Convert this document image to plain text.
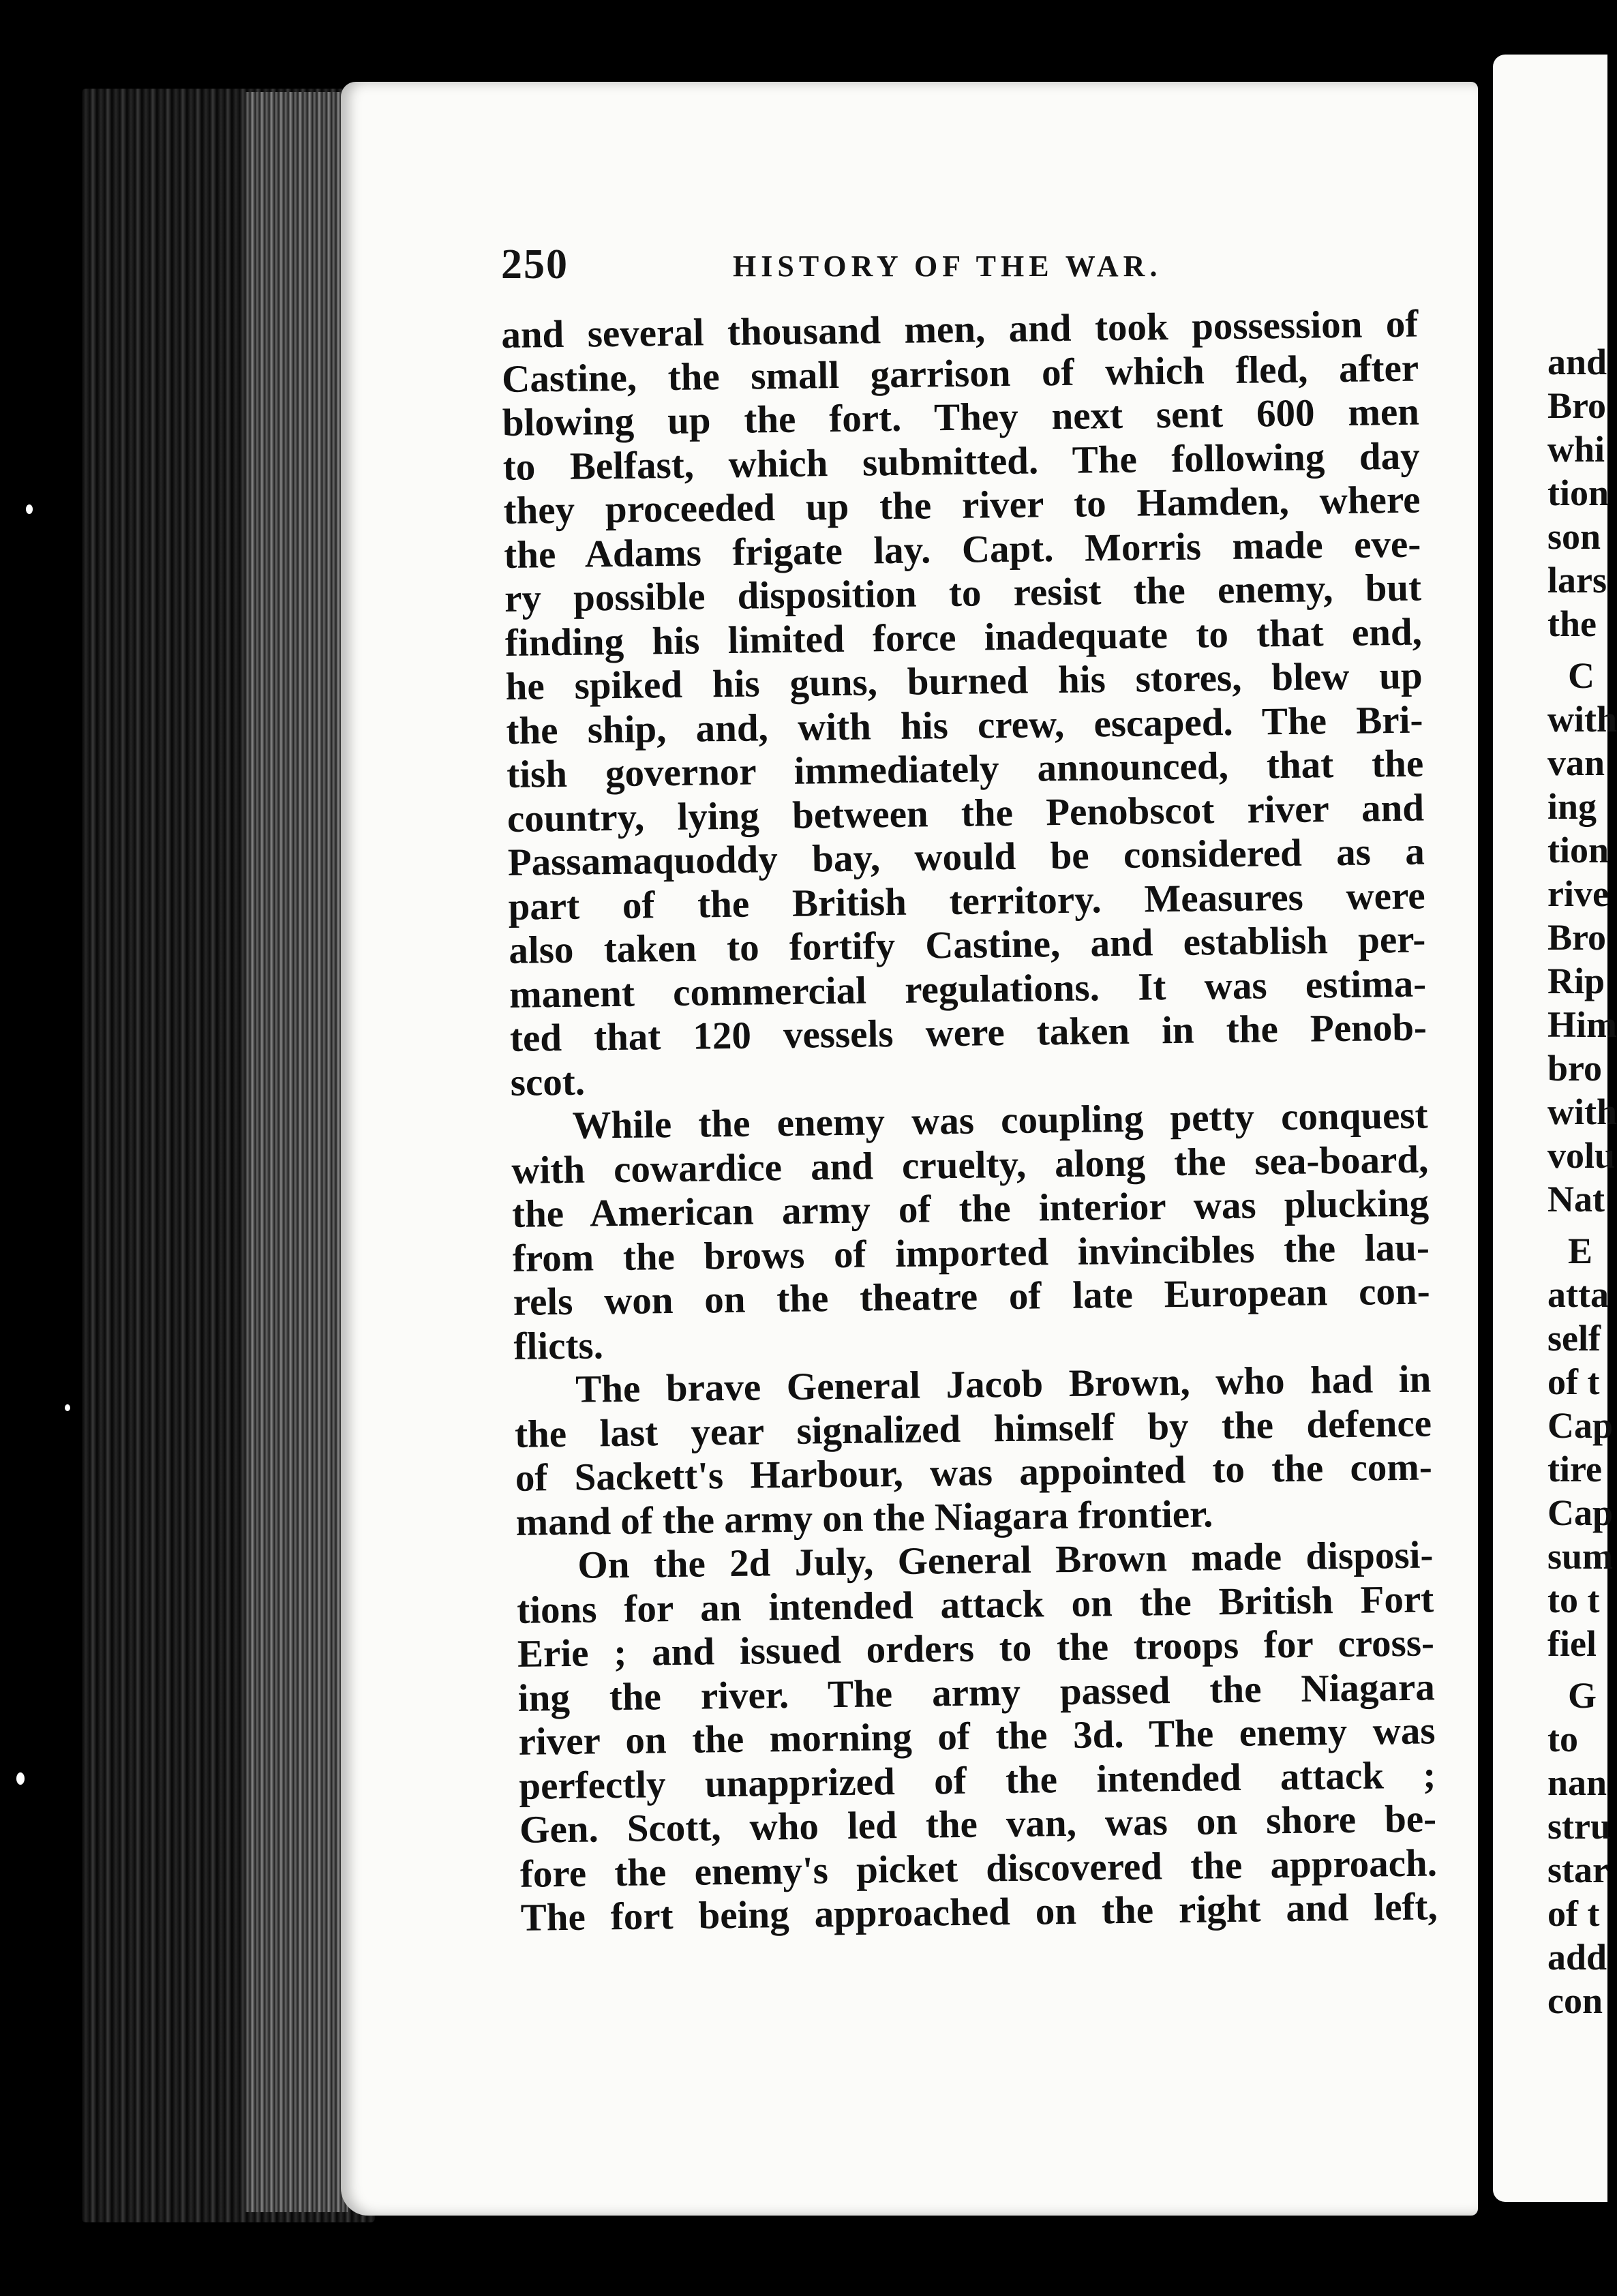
250	HISTORY OF THE WAR.
and several thousand men, and took possession of
Castine, the small garrison of which fled, after
blowing up the fort. They next sent 600 men
to Belfast, which submitted. The following day
they proceeded up the river to Hamden, where
the Adams frigate lay. Capt. Morris made eve-
ry possible disposition to resist the enemy, but
finding his limited force inadequate to that end,
he spiked his guns, burned his stores, blew up
the ship, and, with his crew, escaped. The Bri-
tish governor immediately announced, that the
country, lying between the Penobscot river and
Passamaquoddy bay, would be considered as a
part of the British territory. Measures were
also taken to fortify Castine, and establish per-
manent commercial regulations. It was estima-
ted that 120 vessels were taken in the Penob-
scot.
While the enemy was coupling petty conquest
with cowardice and cruelty, along the sea-board,
the American army of the interior was plucking
from the brows of imported invincibles the lau-
rels won on the theatre of late European con-
flicts.
The brave General Jacob Brown, who had in
the last year signalized himself by the defence
of Sackett's Harbour, was appointed to the com-
mand of the army on the Niagara frontier.
On the 2d July, General Brown made disposi-
tions for an intended attack on the British Fort
Erie ; and issued orders to the troops for cross-
ing the river. The army passed the Niagara
river on the morning of the 3d. The enemy was
perfectly unapprized of the intended attack ;
Gen. Scott, who led the van, was on shore be-
fore the enemy's picket discovered the approach.
The fort being approached on the right and left,
and
Bro
whi
tion
son
lars
the
C
with
van
ing
tion
rive
Bro
Rip
Him
bro
with
volu
Nat
E
atta
self
of t
Cap
tire
Cap
sum
to t
fiel
G
to
nan
stru
star
of t
add
con
